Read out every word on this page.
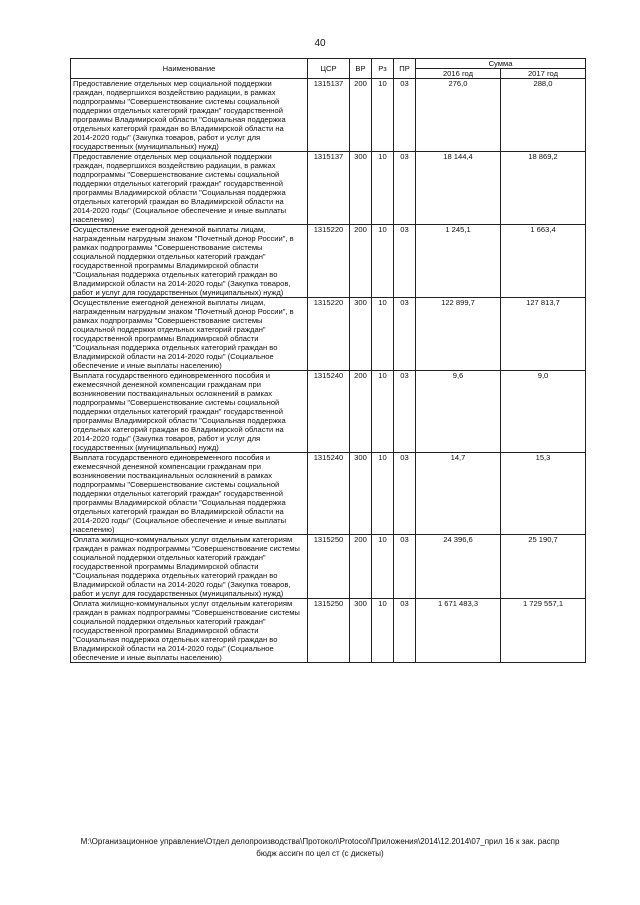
40
Наименование	ЦСР	ВР	Рз	ПР	Сумма	
					2016 год	2017 год
Предоставление отдельных мер социальной поддержки граждан, подвергшихся воздействию радиации, в рамках подпрограммы "Совершенствование системы социальной поддержки отдельных категорий граждан" государственной программы Владимирской области "Социальная поддержка отдельных категорий граждан во Владимирской области на 2014-2020 годы" (Закупка товаров, работ и услуг для государственных (муниципальных) нужд)	1315137	200	10	03	276,0	288,0
Предоставление отдельных мер социальной поддержки граждан, подвергшихся воздействию радиации, в рамках подпрограммы "Совершенствование системы социальной поддержки отдельных категорий граждан" государственной программы Владимирской области "Социальная поддержка отдельных категорий граждан во Владимирской области на 2014-2020 годы" (Социальное обеспечение и иные выплаты населению)	1315137	300	10	03	18 144,4	18 869,2
Осуществление ежегодной денежной выплаты лицам, награжденным нагрудным знаком "Почетный донор России", в рамках подпрограммы "Совершенствование системы социальной поддержки отдельных категорий граждан" государственной программы Владимирской области "Социальная поддержка отдельных категорий граждан во Владимирской области на 2014-2020 годы" (Закупка товаров, работ и услуг для государственных (муниципальных) нужд)	1315220	200	10	03	1 245,1	1 663,4
Осуществление ежегодной денежной выплаты лицам, награжденным нагрудным знаком "Почетный донор России", в рамках подпрограммы "Совершенствование системы социальной поддержки отдельных категорий граждан" государственной программы Владимирской области "Социальная поддержка отдельных категорий граждан во Владимирской области на 2014-2020 годы" (Социальное обеспечение и иные выплаты населению)	1315220	300	10	03	122 899,7	127 813,7
Выплата государственного единовременного пособия и ежемесячной денежной компенсации гражданам при возникновении поствакцинальных осложнений в рамках подпрограммы "Совершенствование системы социальной поддержки отдельных категорий граждан" государственной программы Владимирской области "Социальная поддержка отдельных категорий граждан во Владимирской области на 2014-2020 годы" (Закупка товаров, работ и услуг для государственных (муниципальных) нужд)	1315240	200	10	03	9,6	9,0
Выплата государственного единовременного пособия и ежемесячной денежной компенсации гражданам при возникновении поствакцинальных осложнений в рамках подпрограммы "Совершенствование системы социальной поддержки отдельных категорий граждан" государственной программы Владимирской области "Социальная поддержка отдельных категорий граждан во Владимирской области на 2014-2020 годы" (Социальное обеспечение и иные выплаты населению)	1315240	300	10	03	14,7	15,3
Оплата жилищно-коммунальных услуг отдельным категориям граждан в рамках подпрограммы "Совершенствование системы социальной поддержки отдельных категорий граждан" государственной программы Владимирской области "Социальная поддержка отдельных категорий граждан во Владимирской области на 2014-2020 годы" (Закупка товаров, работ и услуг для государственных (муниципальных) нужд)	1315250	200	10	03	24 396,6	25 190,7
Оплата жилищно-коммунальных услуг отдельным категориям граждан в рамках подпрограммы "Совершенствование системы социальной поддержки отдельных категорий граждан" государственной программы Владимирской области "Социальная поддержка отдельных категорий граждан во Владимирской области на 2014-2020 годы" (Социальное обеспечение и иные выплаты населению)	1315250	300	10	03	1 671 483,3	1 729 557,1
М:\Организационное управление\Отдел делопроизводства\Протокол\Protocol\Приложения\2014\12.2014\07_прил 16 к зак. распр
бюдж ассигн по цел ст (с дискеты)
